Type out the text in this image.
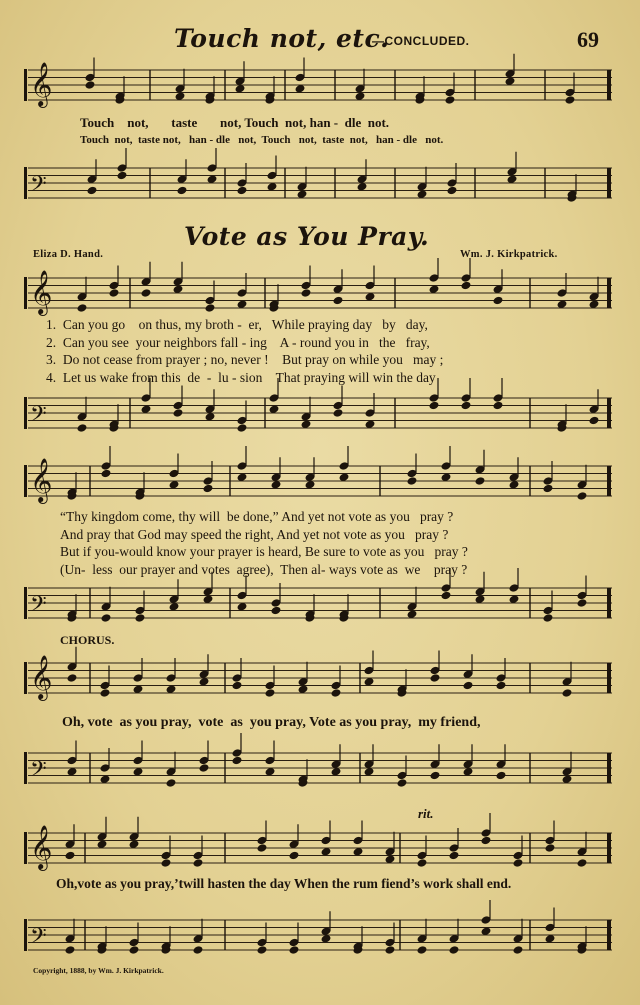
Touch not, etc.
—CONCLUDED.	69
𝄞
Touch    not,       taste       not, Touch  not, han -  dle  not.
Touch  not,  taste not,   han - dle   not,  Touch   not,  taste  not,   han - dle   not.
𝄢
Vote as You Pray.
Eliza D. Hand.	Wm. J. Kirkpatrick.
𝄞
1.  Can you go    on thus, my broth -  er,   While praying day   by   day,
2.  Can you see  your neighbors fall - ing    A - round you in   the   fray,
3.  Do not cease from prayer ; no, never !    But pray on while you   may ;
4.  Let us wake from this  de  -  lu - sion    That praying will win the day
𝄢
𝄞
“Thy kingdom come, thy will  be done,” And yet not vote as you   pray ?
And pray that God may speed the right, And yet not vote as you   pray ?
But if you-would know your prayer is heard, Be sure to vote as you   pray ?
(Un-  less  our prayer and votes  agree),  Then al- ways vote as  we    pray ?
𝄢
CHORUS.
𝄞
Oh, vote  as you pray,  vote  as  you pray, Vote as you pray,  my friend,
𝄢
rit.
𝄞
Oh,vote as you pray,’twill hasten the day When the rum fiend’s work shall end.
𝄢
Copyright, 1888, by Wm. J. Kirkpatrick.
